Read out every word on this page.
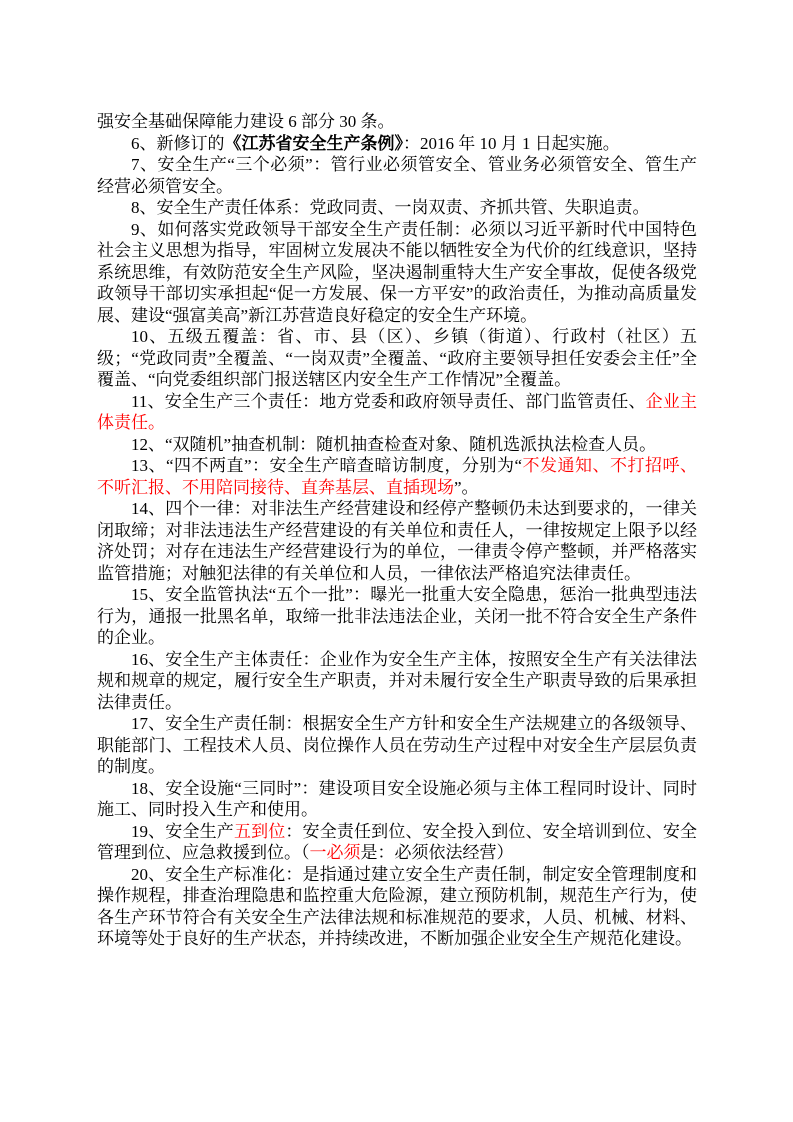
强安全基础保障能力建设 6 部分 30 条。

6、新修订的《江苏省安全生产条例》：2016 年 10 月 1 日起实施。

7、安全生产“三个必须”：管行业必须管安全、管业务必须管安全、管生产经营必须管安全。

8、安全生产责任体系：党政同责、一岗双责、齐抓共管、失职追责。

9、如何落实党政领导干部安全生产责任制：必须以习近平新时代中国特色社会主义思想为指导，牢固树立发展决不能以牺牲安全为代价的红线意识，坚持系统思维，有效防范安全生产风险，坚决遏制重特大生产安全事故，促使各级党政领导干部切实承担起“促一方发展、保一方平安”的政治责任，为推动高质量发展、建设“强富美高”新江苏营造良好稳定的安全生产环境。

10、五级五覆盖：省、市、县（区）、乡镇（街道）、行政村（社区）五级；“党政同责”全覆盖、“一岗双责”全覆盖、“政府主要领导担任安委会主任”全覆盖、“向党委组织部门报送辖区内安全生产工作情况”全覆盖。

11、安全生产三个责任：地方党委和政府领导责任、部门监管责任、企业主体责任。

12、“双随机”抽查机制：随机抽查检查对象、随机选派执法检查人员。

13、“四不两直”：安全生产暗查暗访制度，分别为“不发通知、不打招呼、不听汇报、不用陪同接待、直奔基层、直插现场”。

14、四个一律：对非法生产经营建设和经停产整顿仍未达到要求的，一律关闭取缔；对非法违法生产经营建设的有关单位和责任人，一律按规定上限予以经济处罚；对存在违法生产经营建设行为的单位，一律责令停产整顿，并严格落实监管措施；对触犯法律的有关单位和人员，一律依法严格追究法律责任。

15、安全监管执法“五个一批”：曝光一批重大安全隐患，惩治一批典型违法行为，通报一批黑名单，取缔一批非法违法企业，关闭一批不符合安全生产条件的企业。

16、安全生产主体责任：企业作为安全生产主体，按照安全生产有关法律法规和规章的规定，履行安全生产职责，并对未履行安全生产职责导致的后果承担法律责任。

17、安全生产责任制：根据安全生产方针和安全生产法规建立的各级领导、职能部门、工程技术人员、岗位操作人员在劳动生产过程中对安全生产层层负责的制度。

18、安全设施“三同时”：建设项目安全设施必须与主体工程同时设计、同时施工、同时投入生产和使用。

19、安全生产五到位：安全责任到位、安全投入到位、安全培训到位、安全管理到位、应急救援到位。（一必须是：必须依法经营）

20、安全生产标准化：是指通过建立安全生产责任制，制定安全管理制度和操作规程，排查治理隐患和监控重大危险源，建立预防机制，规范生产行为，使各生产环节符合有关安全生产法律法规和标准规范的要求，人员、机械、材料、环境等处于良好的生产状态，并持续改进，不断加强企业安全生产规范化建设。
